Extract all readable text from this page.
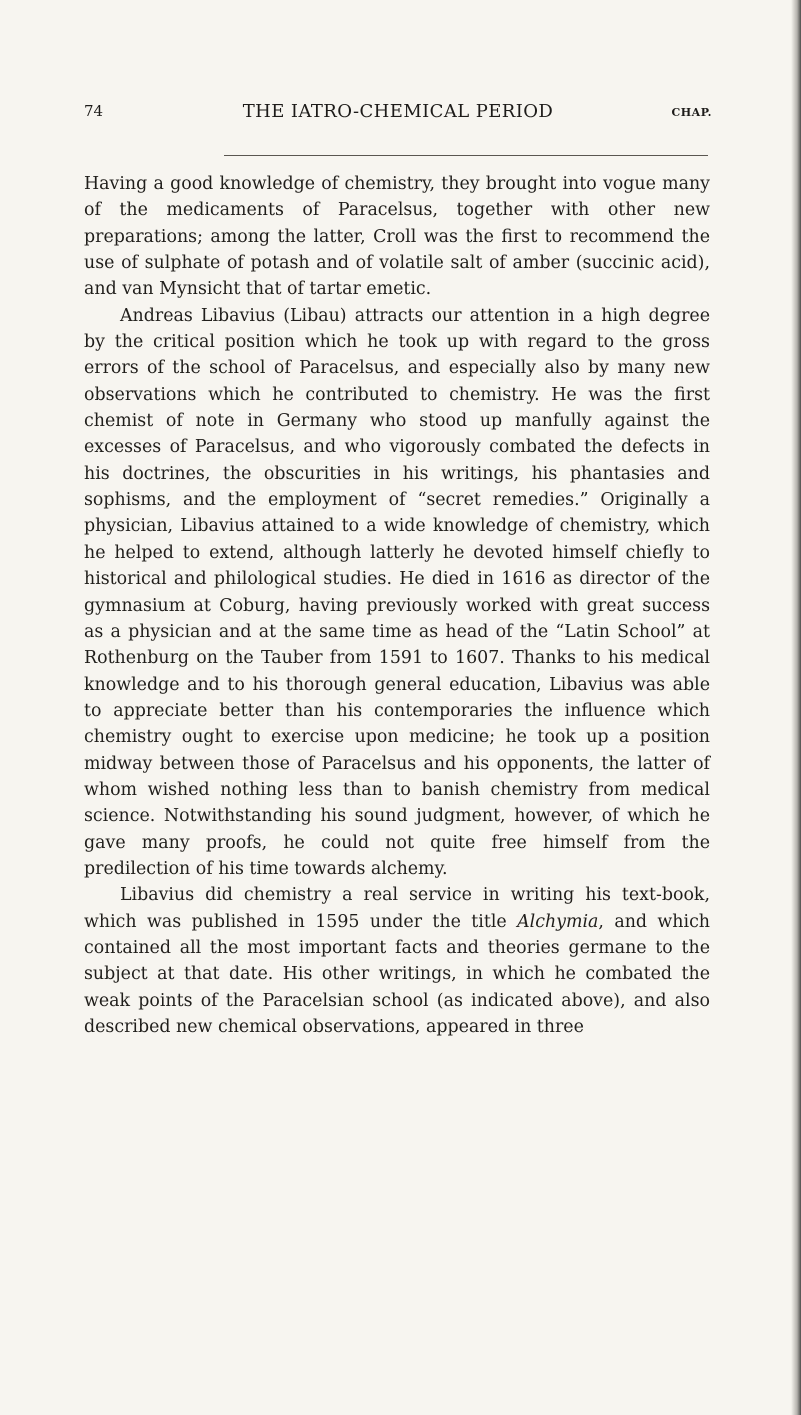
74	THE IATRO-CHEMICAL PERIOD	CHAP.

Having a good knowledge of chemistry, they brought into vogue many of the medicaments of Paracelsus, together with other new preparations; among the latter, Croll was the first to recommend the use of sulphate of potash and of volatile salt of amber (succinic acid), and van Mynsicht that of tartar emetic.

Andreas Libavius (Libau) attracts our attention in a high degree by the critical position which he took up with regard to the gross errors of the school of Paracelsus, and especially also by many new observations which he contributed to chemistry. He was the first chemist of note in Germany who stood up manfully against the excesses of Paracelsus, and who vigorously combated the defects in his doctrines, the obscurities in his writings, his phantasies and sophisms, and the employment of “secret remedies.” Originally a physician, Libavius attained to a wide knowledge of chemistry, which he helped to extend, although latterly he devoted himself chiefly to historical and philological studies. He died in 1616 as director of the gymnasium at Coburg, having previously worked with great success as a physician and at the same time as head of the “Latin School” at Rothenburg on the Tauber from 1591 to 1607. Thanks to his medical knowledge and to his thorough general education, Libavius was able to appreciate better than his contemporaries the influence which chemistry ought to exercise upon medicine; he took up a position midway between those of Paracelsus and his opponents, the latter of whom wished nothing less than to banish chemistry from medical science. Notwithstanding his sound judgment, however, of which he gave many proofs, he could not quite free himself from the predilection of his time towards alchemy.

Libavius did chemistry a real service in writing his text-book, which was published in 1595 under the title Alchymia, and which contained all the most important facts and theories germane to the subject at that date. His other writings, in which he combated the weak points of the Paracelsian school (as indicated above), and also described new chemical observations, appeared in three
